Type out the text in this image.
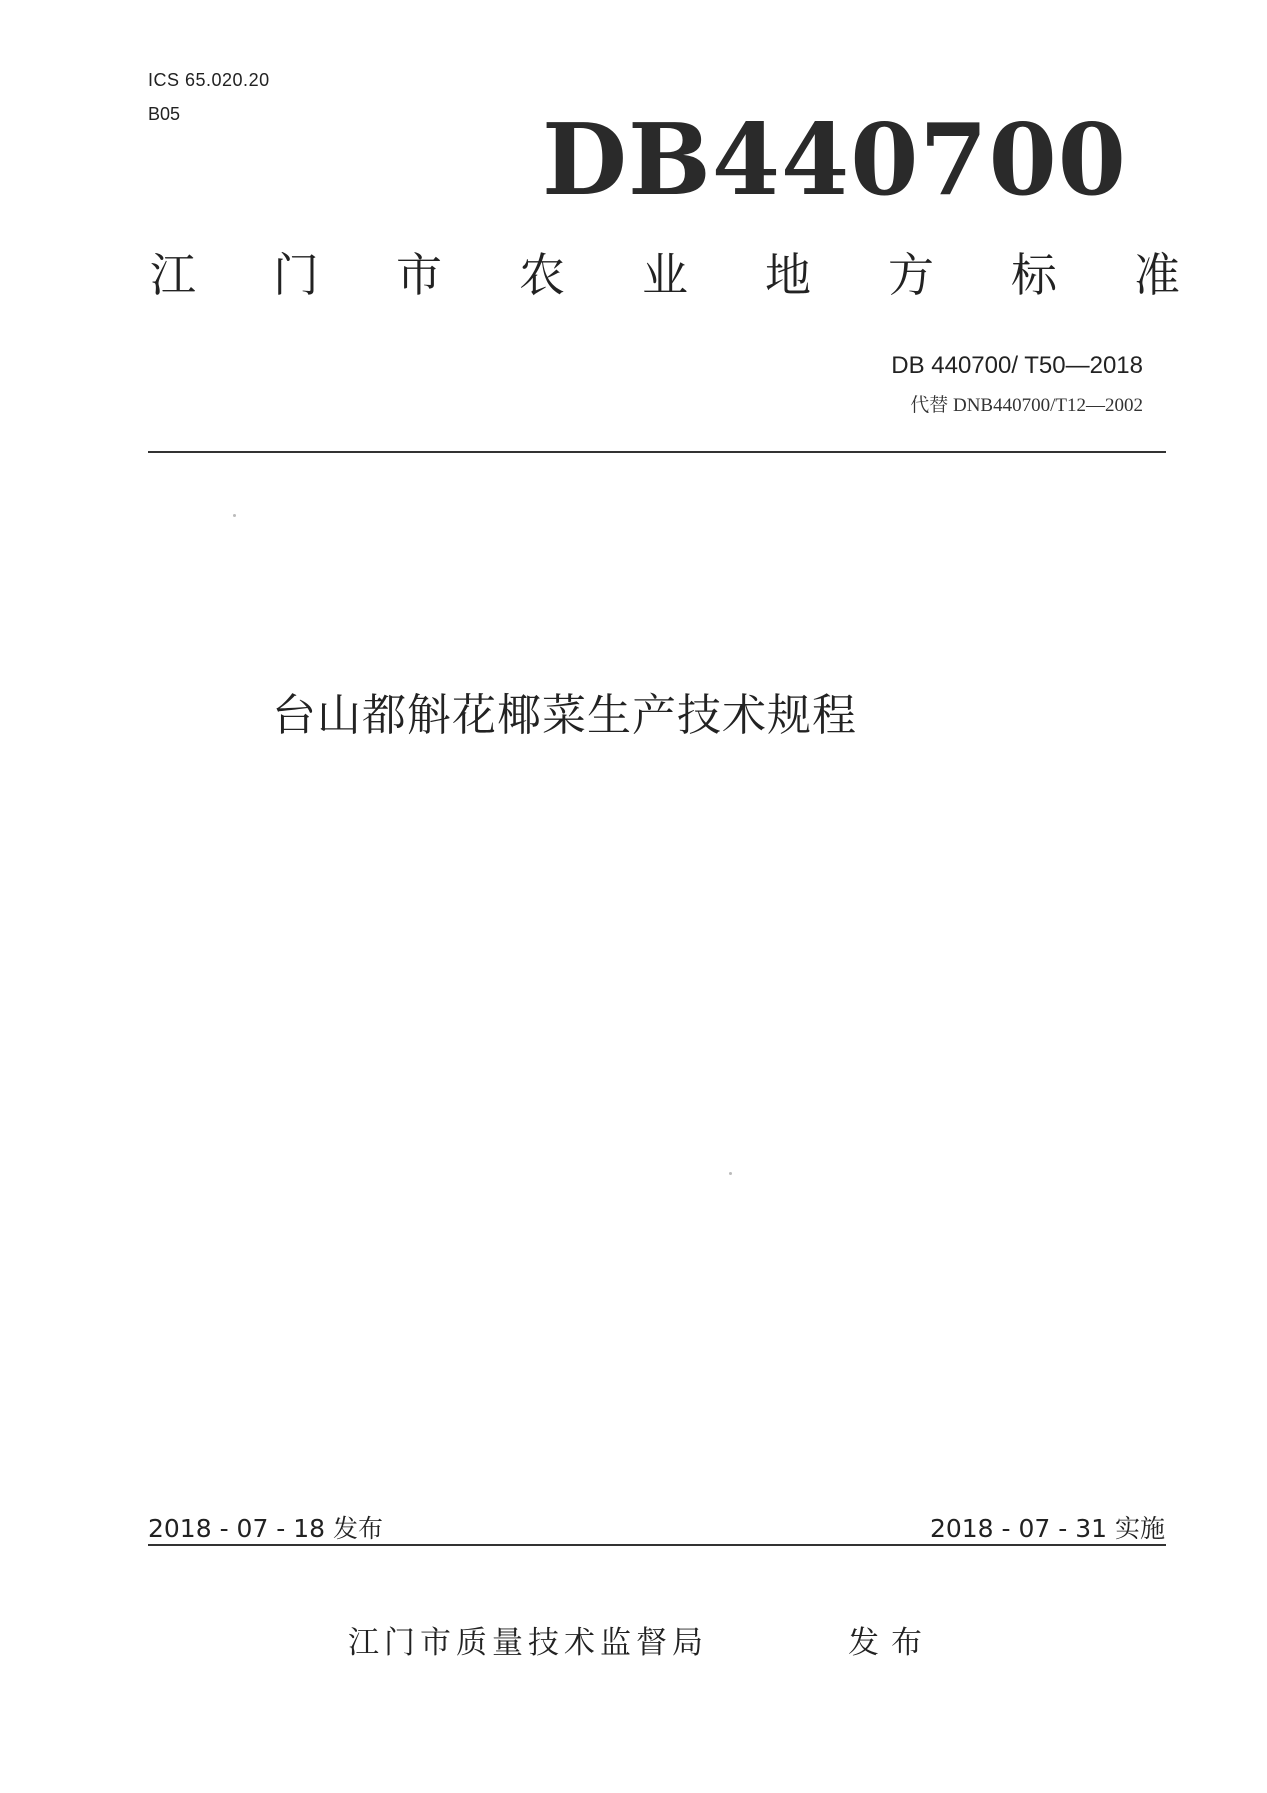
ICS 65.020.20
B05	DB440700
江 门 市 农 业 地 方 标 准
DB 440700/ T50—2018
代替 DNB440700/T12—2002
台山都斛花椰菜生产技术规程
2018 - 07 - 18 发布	2018 - 07 - 31 实施
江门市质量技术监督局	发布
